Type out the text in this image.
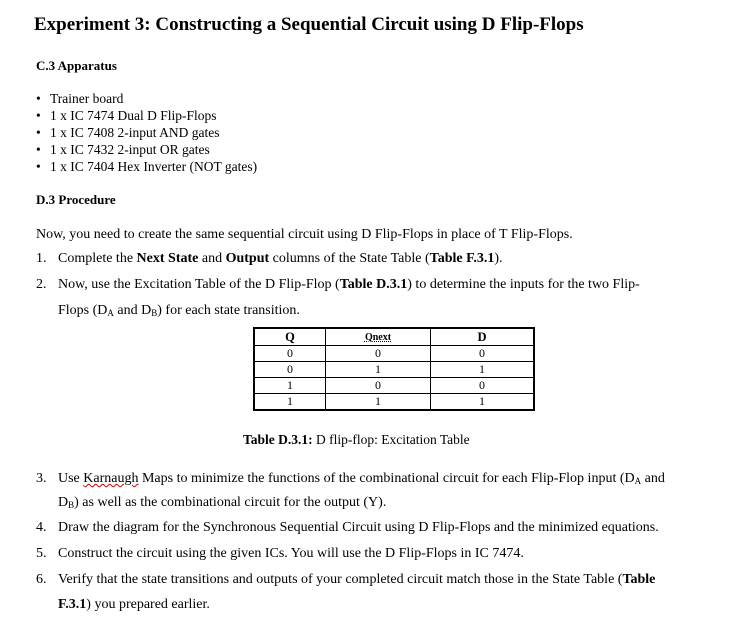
Experiment 3: Constructing a Sequential Circuit using D Flip-Flops
C.3 Apparatus
• Trainer board
• 1 x IC 7474 Dual D Flip-Flops
• 1 x IC 7408 2-input AND gates
• 1 x IC 7432 2-input OR gates
• 1 x IC 7404 Hex Inverter (NOT gates)
D.3 Procedure
Now, you need to create the same sequential circuit using D Flip-Flops in place of T Flip-Flops.
1. Complete the Next State and Output columns of the State Table (Table F.3.1).
2. Now, use the Excitation Table of the D Flip-Flop (Table D.3.1) to determine the inputs for the two Flip-
Flops ($D_A$ and $D_B$) for each state transition.
Q	Qnext	D
0	0	0
0	1	1
1	0	0
1	1	1
Table D.3.1: D flip-flop: Excitation Table
3. Use Karnaugh Maps to minimize the functions of the combinational circuit for each Flip-Flop input ($D_A$ and
$D_B$) as well as the combinational circuit for the output (Y).
4. Draw the diagram for the Synchronous Sequential Circuit using D Flip-Flops and the minimized equations.
5. Construct the circuit using the given ICs. You will use the D Flip-Flops in IC 7474.
6. Verify that the state transitions and outputs of your completed circuit match those in the State Table (Table
F.3.1) you prepared earlier.
